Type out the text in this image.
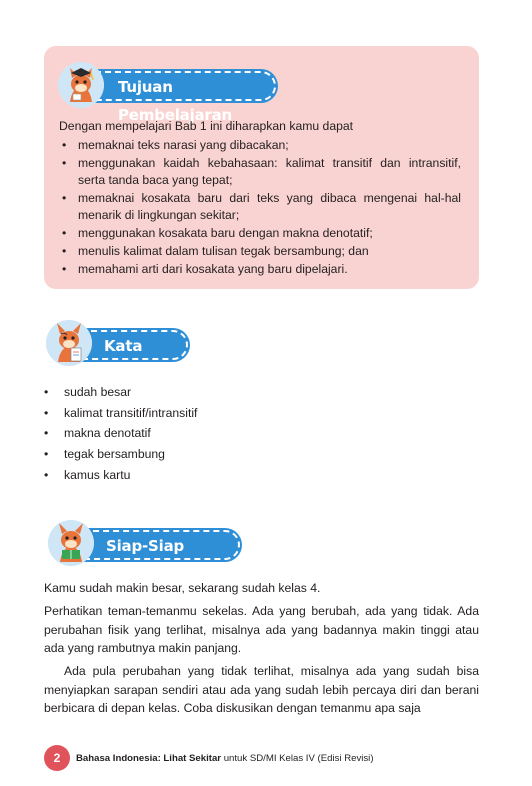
Tujuan Pembelajaran
Dengan mempelajari Bab 1 ini diharapkan kamu dapat
• memaknai teks narasi yang dibacakan;
• menggunakan kaidah kebahasaan: kalimat transitif dan intransitif, serta tanda baca yang tepat;
• memaknai kosakata baru dari teks yang dibaca mengenai hal-hal menarik di lingkungan sekitar;
• menggunakan kosakata baru dengan makna denotatif;
• menulis kalimat dalam tulisan tegak bersambung; dan
• memahami arti dari kosakata yang baru dipelajari.
Kata Kunci
• sudah besar
• kalimat transitif/intransitif
• makna denotatif
• tegak bersambung
• kamus kartu
Siap-Siap Belajar

Kamu sudah makin besar, sekarang sudah kelas 4.

Perhatikan teman-temanmu sekelas. Ada yang berubah, ada yang tidak. Ada perubahan fisik yang terlihat, misalnya ada yang badannya makin tinggi atau ada yang rambutnya makin panjang.

Ada pula perubahan yang tidak terlihat, misalnya ada yang sudah bisa menyiapkan sarapan sendiri atau ada yang sudah lebih percaya diri dan berani berbicara di depan kelas. Coba diskusikan dengan temanmu apa saja

2	Bahasa Indonesia: Lihat Sekitar untuk SD/MI Kelas IV (Edisi Revisi)
